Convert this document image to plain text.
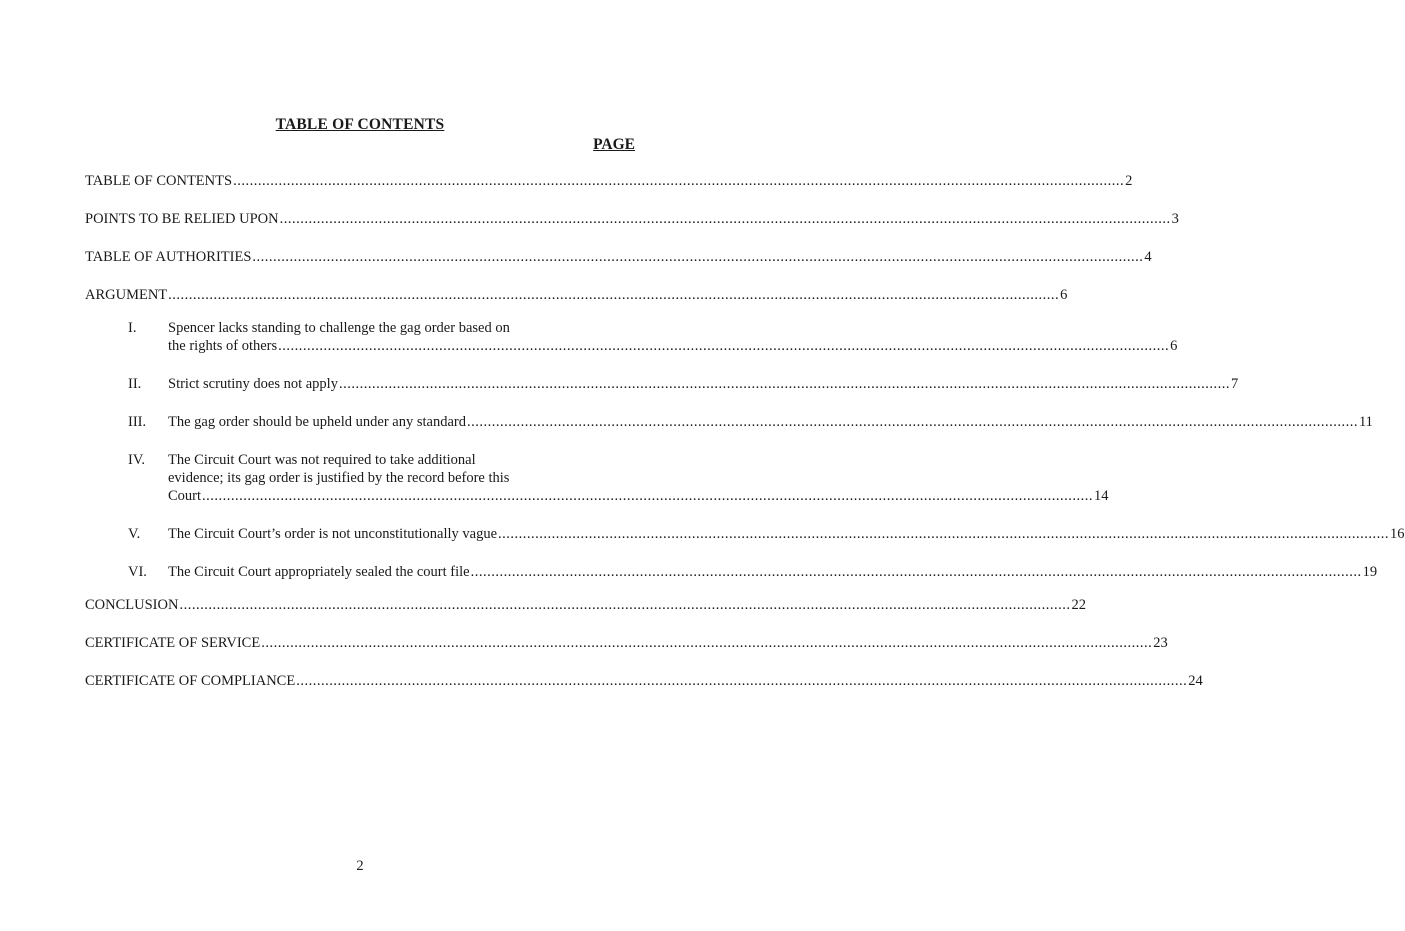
TABLE OF CONTENTS
PAGE
TABLE OF CONTENTS .....	2
POINTS TO BE RELIED UPON .....	3
TABLE OF AUTHORITIES .....	4
ARGUMENT .....	6
I.	Spencer lacks standing to challenge the gag order based on
the rights of others .....	6
II.	Strict scrutiny does not apply .....	7
III.	The gag order should be upheld under any standard .....	11
IV.	The Circuit Court was not required to take additional
evidence; its gag order is justified by the record before this
Court .....	14
V.	The Circuit Court’s order is not unconstitutionally vague .....	16
VI.	The Circuit Court appropriately sealed the court file .....	19
CONCLUSION .....	22
CERTIFICATE OF SERVICE .....	23
CERTIFICATE OF COMPLIANCE .....	24
2
